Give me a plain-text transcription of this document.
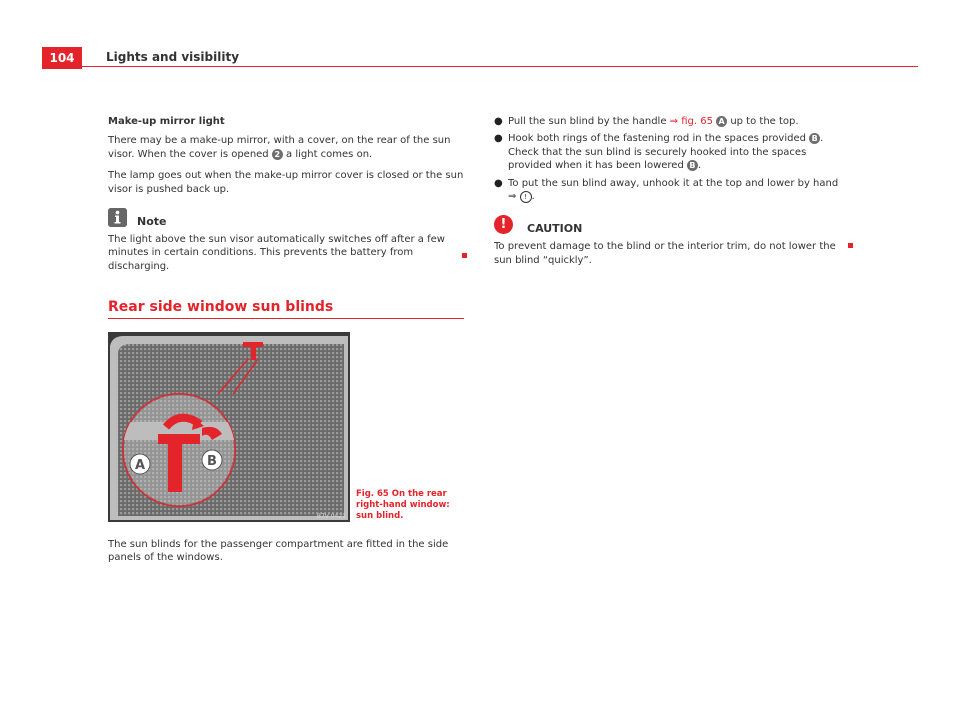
104	Lights and visibility

Make-up mirror light

There may be a make-up mirror, with a cover, on the rear of the sun visor. When the cover is opened 2 a light comes on.

The lamp goes out when the make-up mirror cover is closed or the sun visor is pushed back up.

Note

The light above the sun visor automatically switches off after a few minutes in certain conditions. This prevents the battery from discharging.

Rear side window sun blinds
A	B
B7V-0421
Fig. 65 On the rear right-hand window: sun blind.

The sun blinds for the passenger compartment are fitted in the side panels of the windows.

● Pull the sun blind by the handle ⇒ fig. 65 A up to the top.

● Hook both rings of the fastening rod in the spaces provided B . Check that the sun blind is securely hooked into the spaces provided when it has been lowered B .

● To put the sun blind away, unhook it at the top and lower by hand ⇒ ! .

!	CAUTION

To prevent damage to the blind or the interior trim, do not lower the sun blind “quickly”.
